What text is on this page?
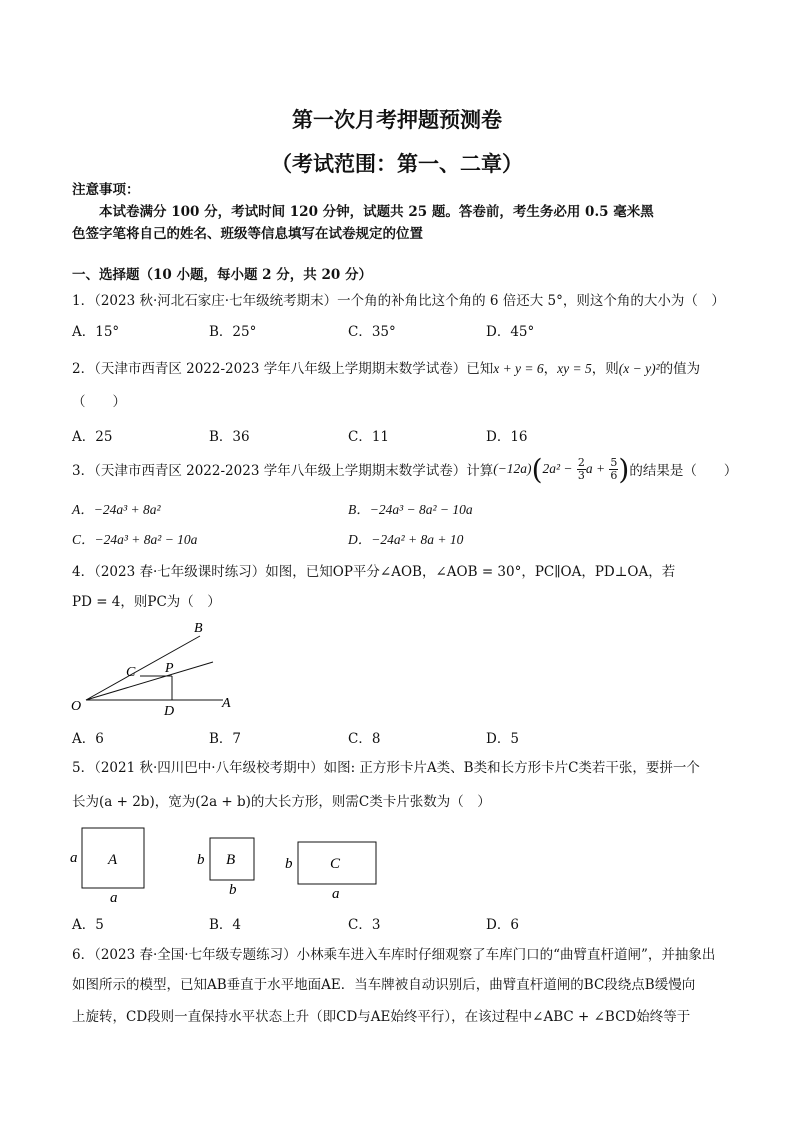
第一次月考押题预测卷
（考试范围：第一、二章）
注意事项：
本试卷满分 100 分，考试时间 120 分钟，试题共 25 题。答卷前，考生务必用 0.5 毫米黑
色签字笔将自己的姓名、班级等信息填写在试卷规定的位置
一、选择题（10 小题，每小题 2 分，共 20 分）
1．（2023 秋·河北石家庄·七年级统考期末）一个角的补角比这个角的 6 倍还大 5°，则这个角的大小为（　）
A．15°	B．25°	C．35°	D．45°
2．（天津市西青区 2022-2023 学年八年级上学期期末数学试卷）已知x + y = 6，xy = 5，则(x − y)²的值为
（　　）
A．25	B．36	C．11	D．16
3．（天津市西青区 2022-2023 学年八年级上学期期末数学试卷）计算 (−12a) ( 2a² −
$\frac{2}{3}$ a +
$\frac{5}{6}$ ) 的结果是（　　）
A．−24a³ + 8a²	B．−24a³ − 8a² − 10a
C．−24a³ + 8a² − 10a	D．−24a² + 8a + 10
4．（2023 春·七年级课时练习）如图，已知OP平分∠AOB，∠AOB = 30°，PC∥OA，PD⊥OA，若
PD = 4，则PC为（　）
B
C P
O	D
A
A．6	B．7	C．8	D．5
5．（2021 秋·四川巴中·八年级校考期中）如图: 正方形卡片A类、B类和长方形卡片C类若干张，要拼一个
长为(a + 2b)，宽为(2a + b)的大长方形，则需C类卡片张数为（　）
A
a
a
B
b
b
C
b
a
A．5	B．4	C．3	D．6
6．（2023 春·全国·七年级专题练习）小林乘车进入车库时仔细观察了车库门口的“曲臂直杆道闸”，并抽象出
如图所示的模型，已知AB垂直于水平地面AE．当车牌被自动识别后，曲臂直杆道闸的BC段绕点B缓慢向
上旋转，CD段则一直保持水平状态上升（即CD与AE始终平行），在该过程中∠ABC + ∠BCD始终等于
